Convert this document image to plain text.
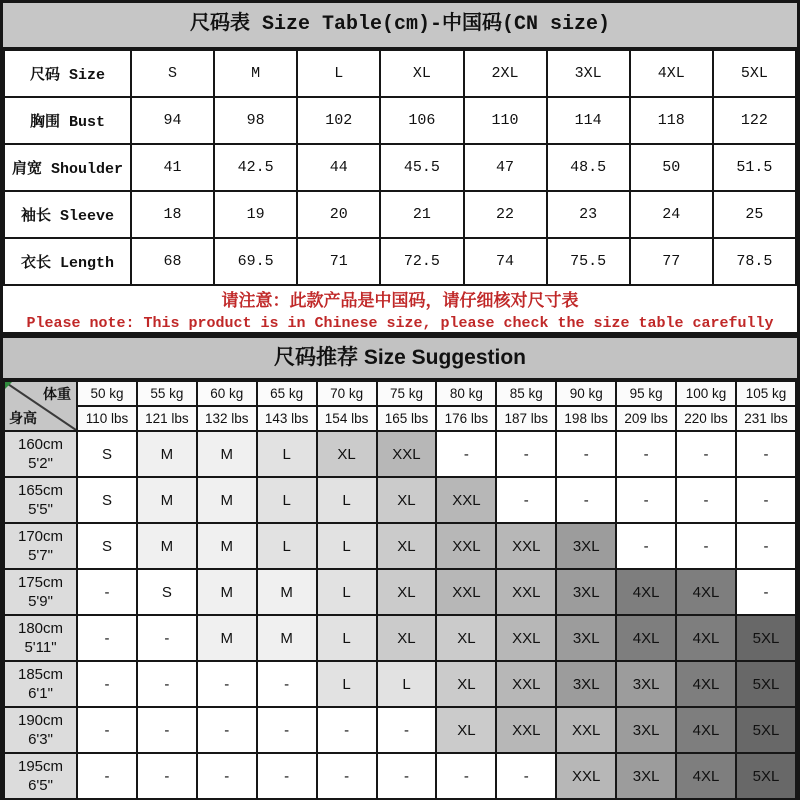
尺码表 Size Table(cm)-中国码(CN size)
尺码 Size	S	M	L	XL	2XL	3XL	4XL	5XL
胸围 Bust	94	98	102	106	110	114	118	122
肩宽 Shoulder	41	42.5	44	45.5	47	48.5	50	51.5
袖长 Sleeve	18	19	20	21	22	23	24	25
衣长 Length	68	69.5	71	72.5	74	75.5	77	78.5
请注意：此款产品是中国码，请仔细核对尺寸表
Please note: This product is in Chinese size, please check the size table carefully
尺码推荐 Size Suggestion
体重
身高	50 kg	55 kg	60 kg	65 kg	70 kg	75 kg	80 kg	85 kg	90 kg	95 kg	100 kg	105 kg
	110 lbs	121 lbs	132 lbs	143 lbs	154 lbs	165 lbs	176 lbs	187 lbs	198 lbs	209 lbs	220 lbs	231 lbs

160cm
5'2"	S	M	M	L	XL	XXL	-	-	-	-	-	-

165cm
5'5"	S	M	M	L	L	XL	XXL	-	-	-	-	-

170cm
5'7"	S	M	M	L	L	XL	XXL	XXL	3XL	-	-	-

175cm
5'9"	-	S	M	M	L	XL	XXL	XXL	3XL	4XL	4XL	-

180cm
5'11"	-	-	M	M	L	XL	XL	XXL	3XL	4XL	4XL	5XL

185cm
6'1"	-	-	-	-	L	L	XL	XXL	3XL	3XL	4XL	5XL

190cm
6'3"	-	-	-	-	-	-	XL	XXL	XXL	3XL	4XL	5XL

195cm
6'5"	-	-	-	-	-	-	-	-	XXL	3XL	4XL	5XL
